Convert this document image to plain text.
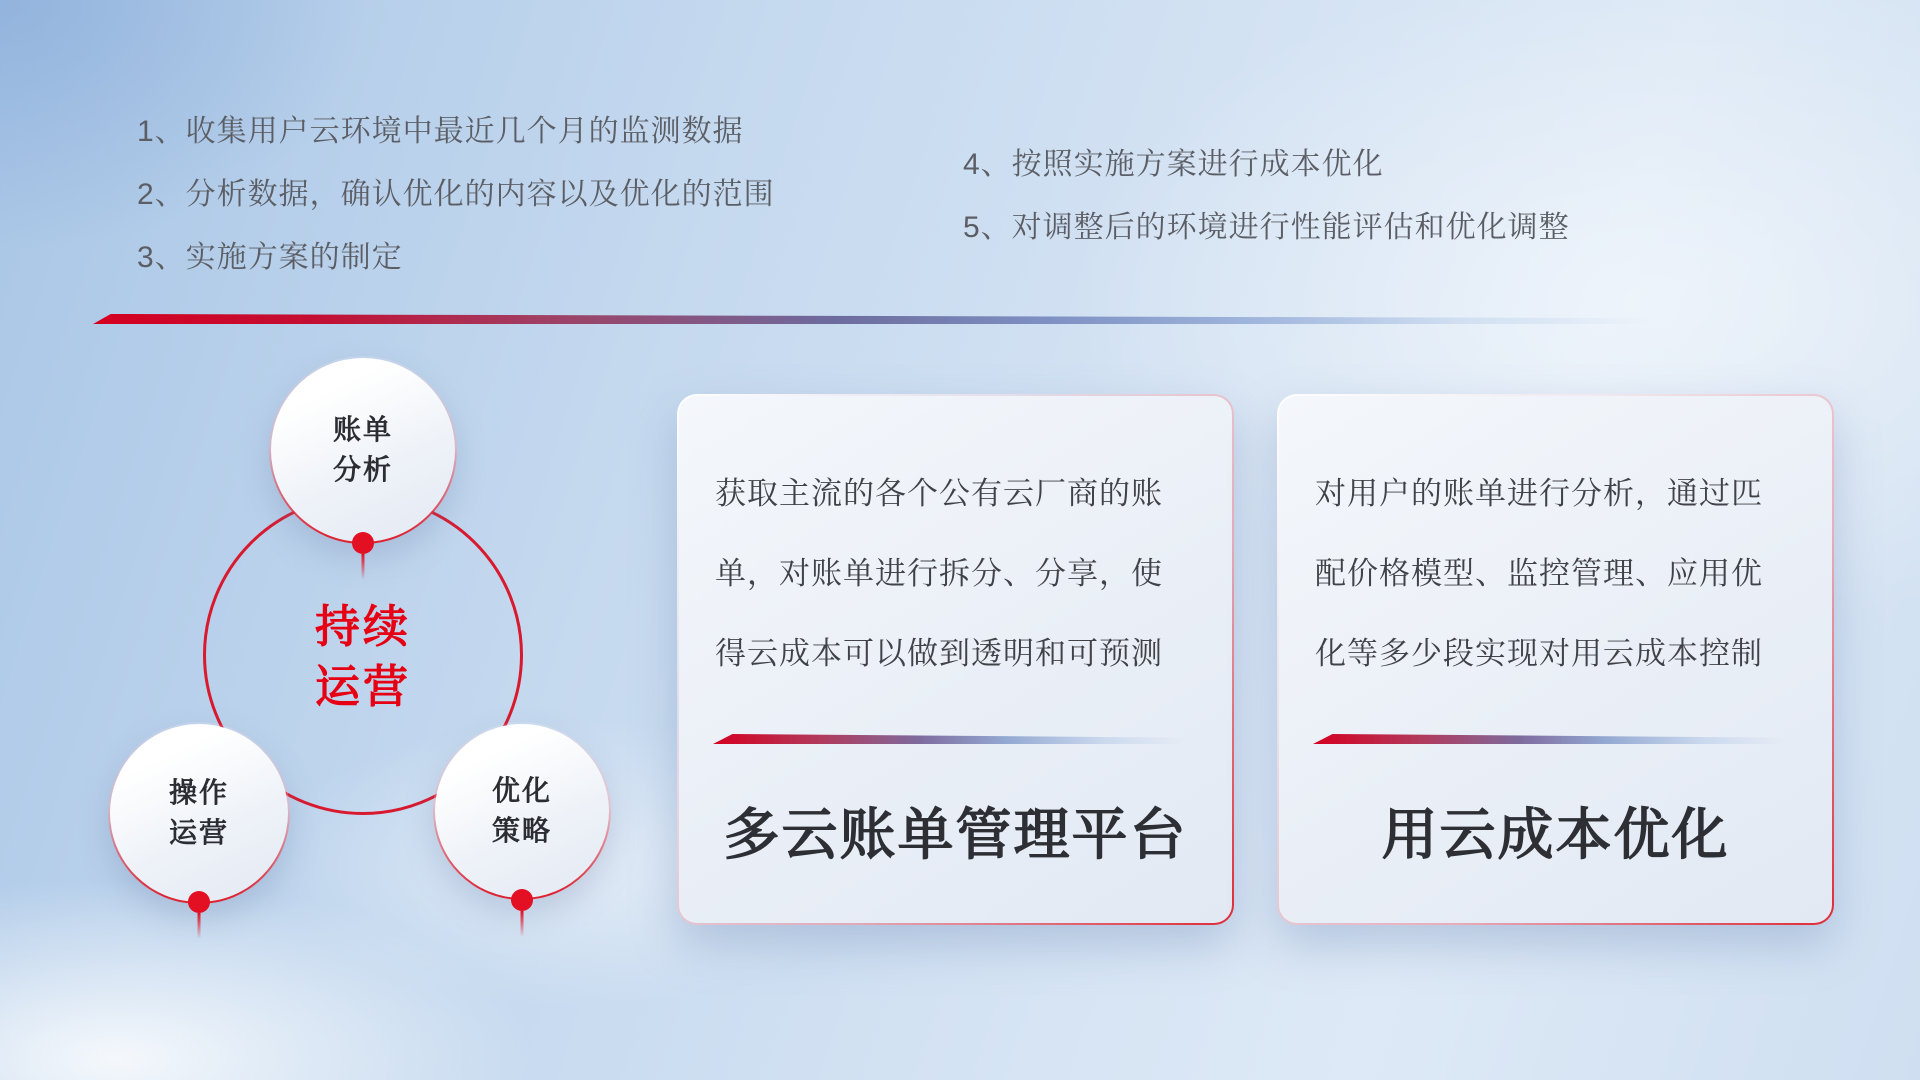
1、收集用户云环境中最近几个月的监测数据
2、分析数据，确认优化的内容以及优化的范围
3、实施方案的制定
4、按照实施方案进行成本优化
5、对调整后的环境进行性能评估和优化调整
账单
分析
操作
运营
优化
策略
持续
运营
获取主流的各个公有云厂商的账
单，对账单进行拆分、分享，使
得云成本可以做到透明和可预测
多云账单管理平台
对用户的账单进行分析，通过匹
配价格模型、监控管理、应用优
化等多少段实现对用云成本控制
用云成本优化
